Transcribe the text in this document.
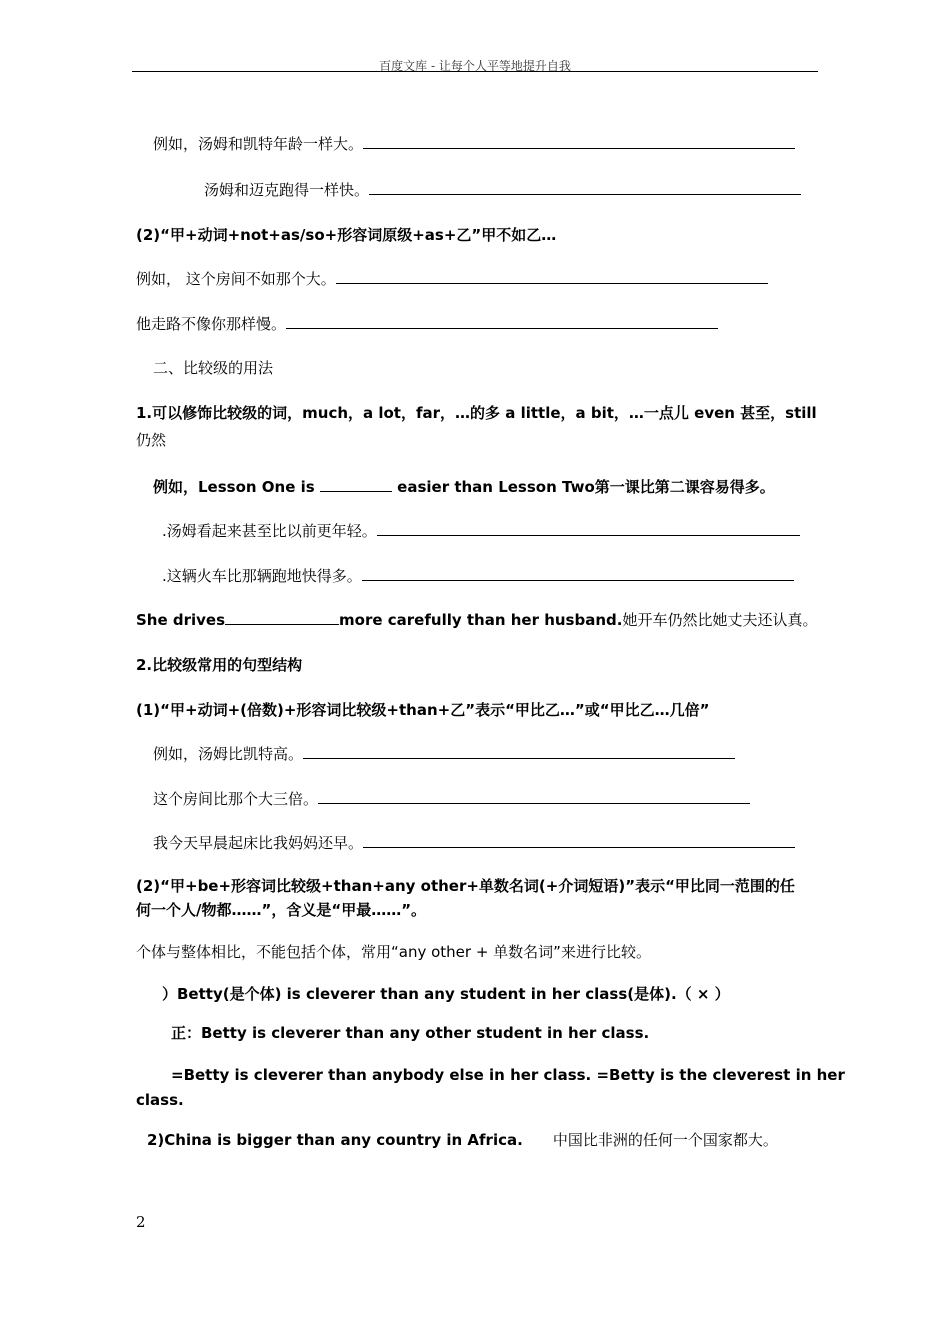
百度文库 - 让每个人平等地提升自我
例如，汤姆和凯特年龄一样大。
汤姆和迈克跑得一样快。
(2)“甲+动词+not+as/so+形容词原级+as+乙”甲不如乙…
例如， 这个房间不如那个大。
他走路不像你那样慢。
二、比较级的用法
1.可以修饰比较级的词，much，a lot，far，…的多 a little，a bit，…一点儿 even 甚至，still
仍然
例如，Lesson One is	easier than Lesson Two第一课比第二课容易得多。
.汤姆看起来甚至比以前更年轻。
.这辆火车比那辆跑地快得多。
She drives	more carefully than her husband.她开车仍然比她丈夫还认真。
2.比较级常用的句型结构
(1)“甲+动词+(倍数)+形容词比较级+than+乙”表示“甲比乙…”或“甲比乙…几倍”
例如，汤姆比凯特高。
这个房间比那个大三倍。
我今天早晨起床比我妈妈还早。
(2)“甲+be+形容词比较级+than+any other+单数名词(+介词短语)”表示“甲比同一范围的任
何一个人/物都……”，含义是“甲最……”。
个体与整体相比，不能包括个体，常用“any other + 单数名词”来进行比较。
）Betty(是个体) is cleverer than any student in her class(是体).（ × ）
正：Betty is cleverer than any other student in her class.
=Betty is cleverer than anybody else in her class. =Betty is the cleverest in her
class.
2)China is bigger than any country in Africa. 中国比非洲的任何一个国家都大。
2
